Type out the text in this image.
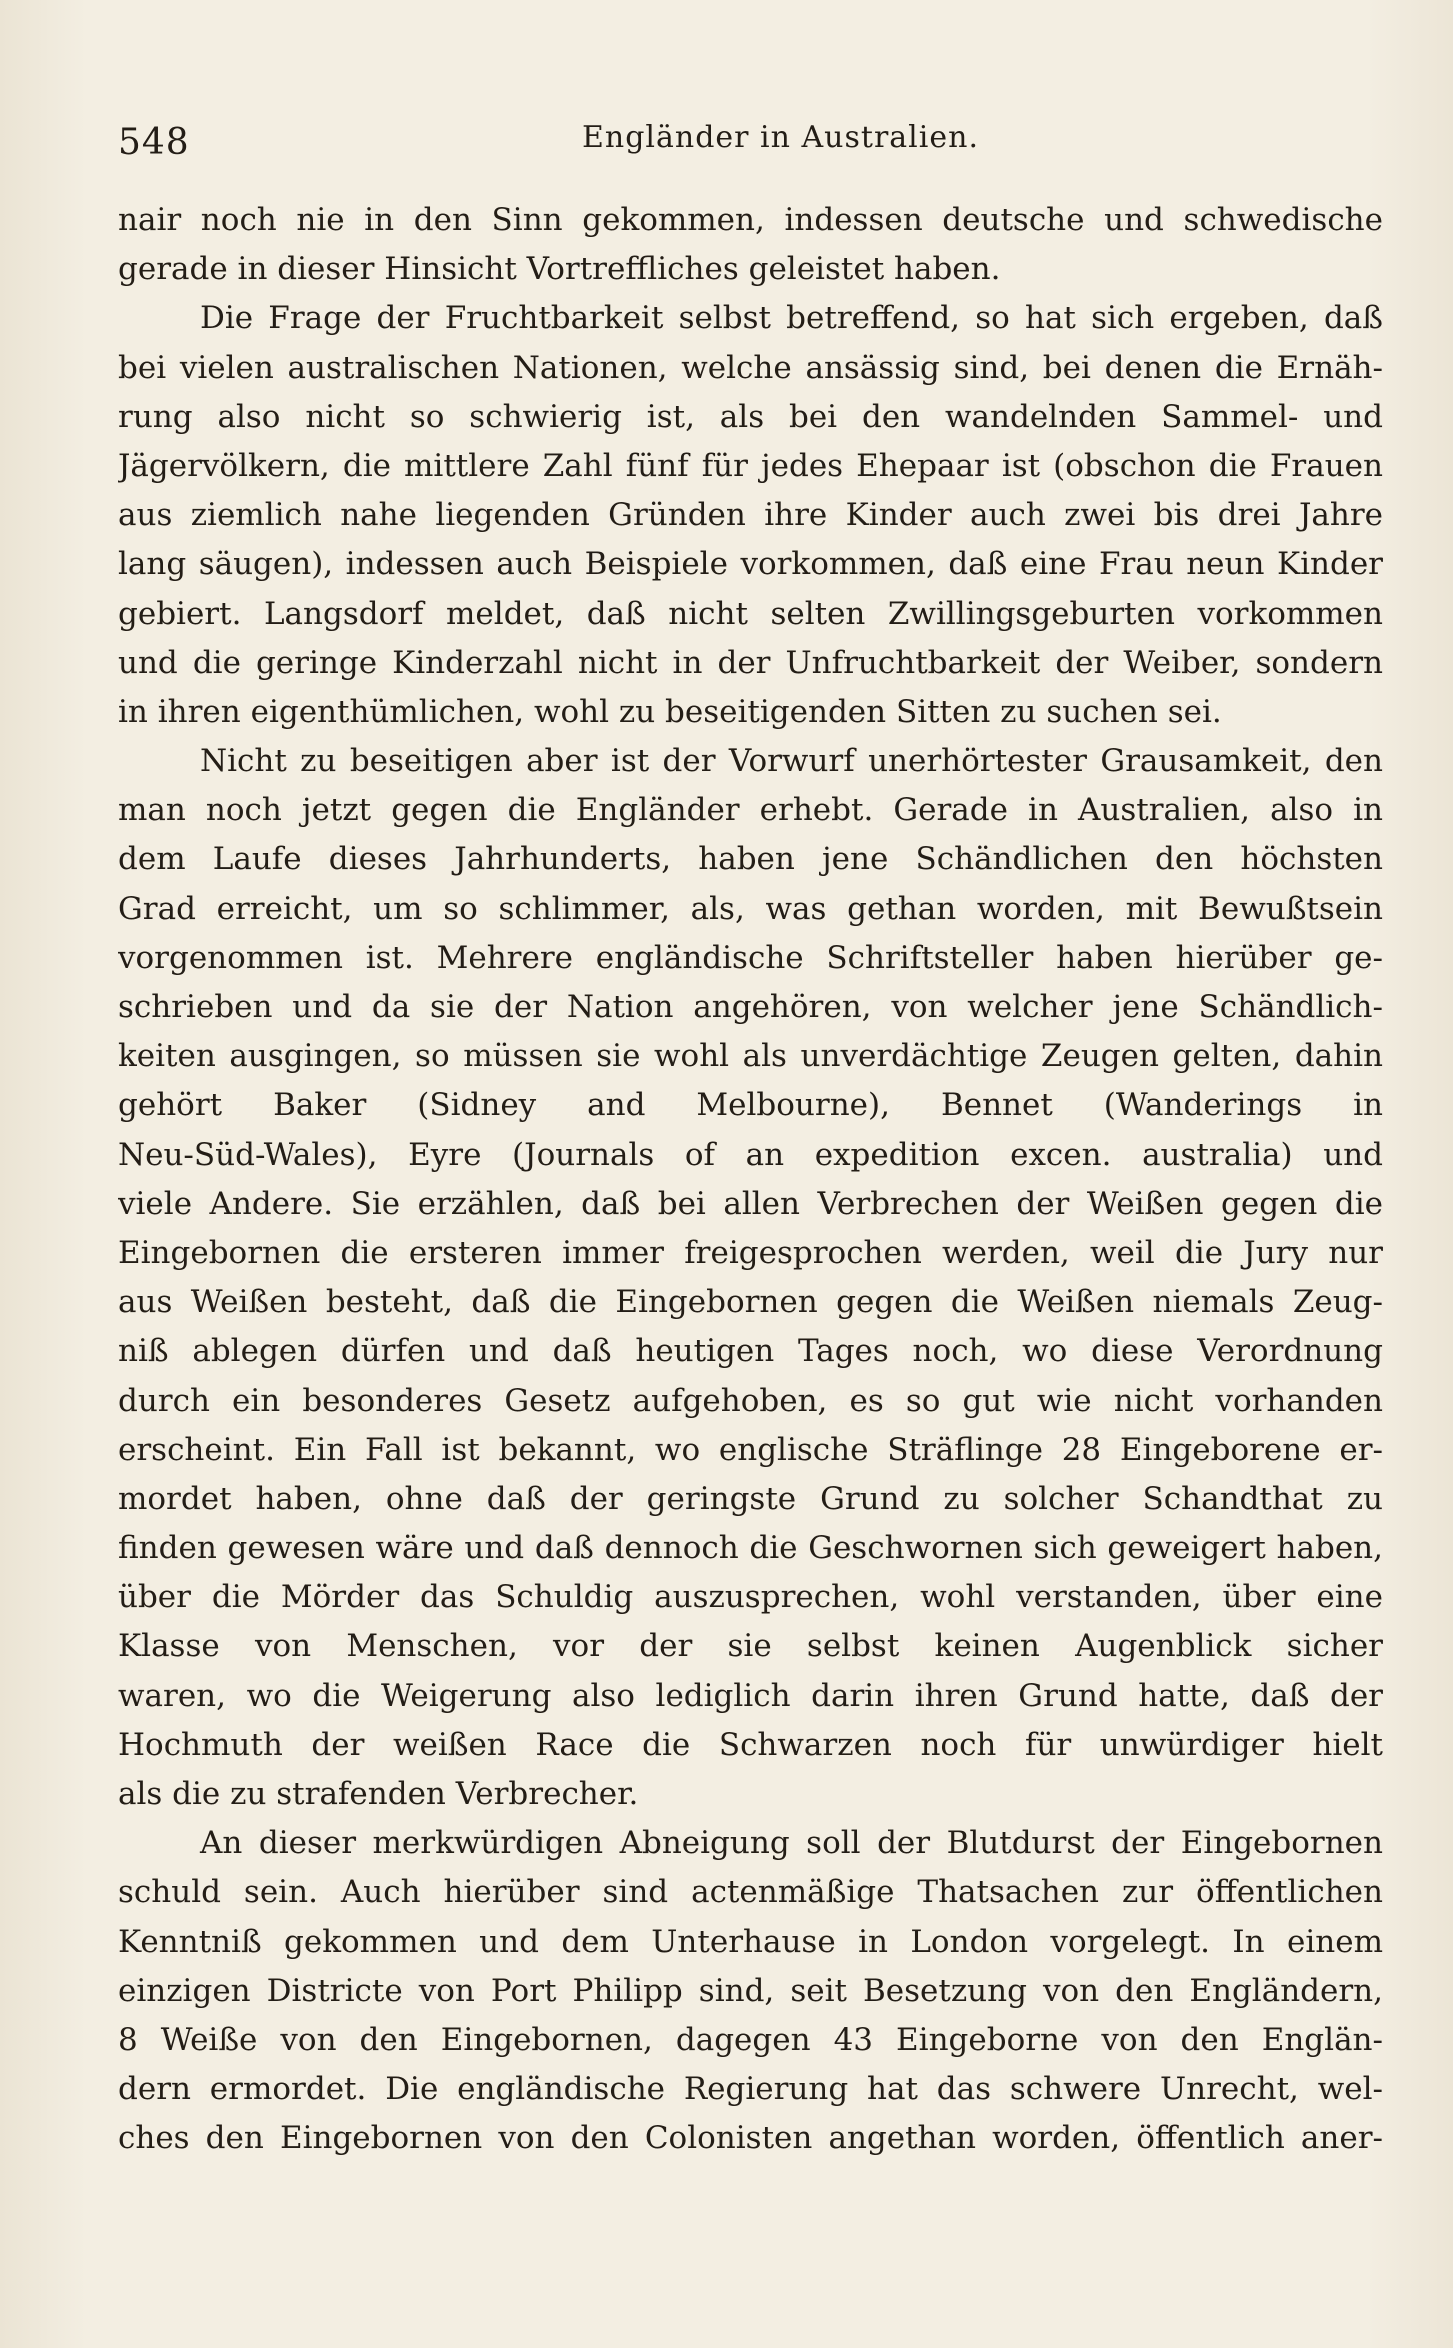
548	Engländer in Australien.
nair noch nie in den Sinn gekommen, indessen deutsche und schwedische
gerade in dieser Hinsicht Vortreffliches geleistet haben.
Die Frage der Fruchtbarkeit selbst betreffend, so hat sich ergeben, daß
bei vielen australischen Nationen, welche ansässig sind, bei denen die Ernäh-
rung also nicht so schwierig ist, als bei den wandelnden Sammel- und
Jägervölkern, die mittlere Zahl fünf für jedes Ehepaar ist (obschon die Frauen
aus ziemlich nahe liegenden Gründen ihre Kinder auch zwei bis drei Jahre
lang säugen), indessen auch Beispiele vorkommen, daß eine Frau neun Kinder
gebiert. Langsdorf meldet, daß nicht selten Zwillingsgeburten vorkommen
und die geringe Kinderzahl nicht in der Unfruchtbarkeit der Weiber, sondern
in ihren eigenthümlichen, wohl zu beseitigenden Sitten zu suchen sei.
Nicht zu beseitigen aber ist der Vorwurf unerhörtester Grausamkeit, den
man noch jetzt gegen die Engländer erhebt. Gerade in Australien, also in
dem Laufe dieses Jahrhunderts, haben jene Schändlichen den höchsten
Grad erreicht, um so schlimmer, als, was gethan worden, mit Bewußtsein
vorgenommen ist. Mehrere engländische Schriftsteller haben hierüber ge-
schrieben und da sie der Nation angehören, von welcher jene Schändlich-
keiten ausgingen, so müssen sie wohl als unverdächtige Zeugen gelten, dahin
gehört Baker (Sidney and Melbourne), Bennet (Wanderings in
Neu-Süd-Wales), Eyre (Journals of an expedition excen. australia) und
viele Andere. Sie erzählen, daß bei allen Verbrechen der Weißen gegen die
Eingebornen die ersteren immer freigesprochen werden, weil die Jury nur
aus Weißen besteht, daß die Eingebornen gegen die Weißen niemals Zeug-
niß ablegen dürfen und daß heutigen Tages noch, wo diese Verordnung
durch ein besonderes Gesetz aufgehoben, es so gut wie nicht vorhanden
erscheint. Ein Fall ist bekannt, wo englische Sträflinge 28 Eingeborene er-
mordet haben, ohne daß der geringste Grund zu solcher Schandthat zu
finden gewesen wäre und daß dennoch die Geschwornen sich geweigert haben,
über die Mörder das Schuldig auszusprechen, wohl verstanden, über eine
Klasse von Menschen, vor der sie selbst keinen Augenblick sicher
waren, wo die Weigerung also lediglich darin ihren Grund hatte, daß der
Hochmuth der weißen Race die Schwarzen noch für unwürdiger hielt
als die zu strafenden Verbrecher.
An dieser merkwürdigen Abneigung soll der Blutdurst der Eingebornen
schuld sein. Auch hierüber sind actenmäßige Thatsachen zur öffentlichen
Kenntniß gekommen und dem Unterhause in London vorgelegt. In einem
einzigen Districte von Port Philipp sind, seit Besetzung von den Engländern,
8 Weiße von den Eingebornen, dagegen 43 Eingeborne von den Englän-
dern ermordet. Die engländische Regierung hat das schwere Unrecht, wel-
ches den Eingebornen von den Colonisten angethan worden, öffentlich aner-
